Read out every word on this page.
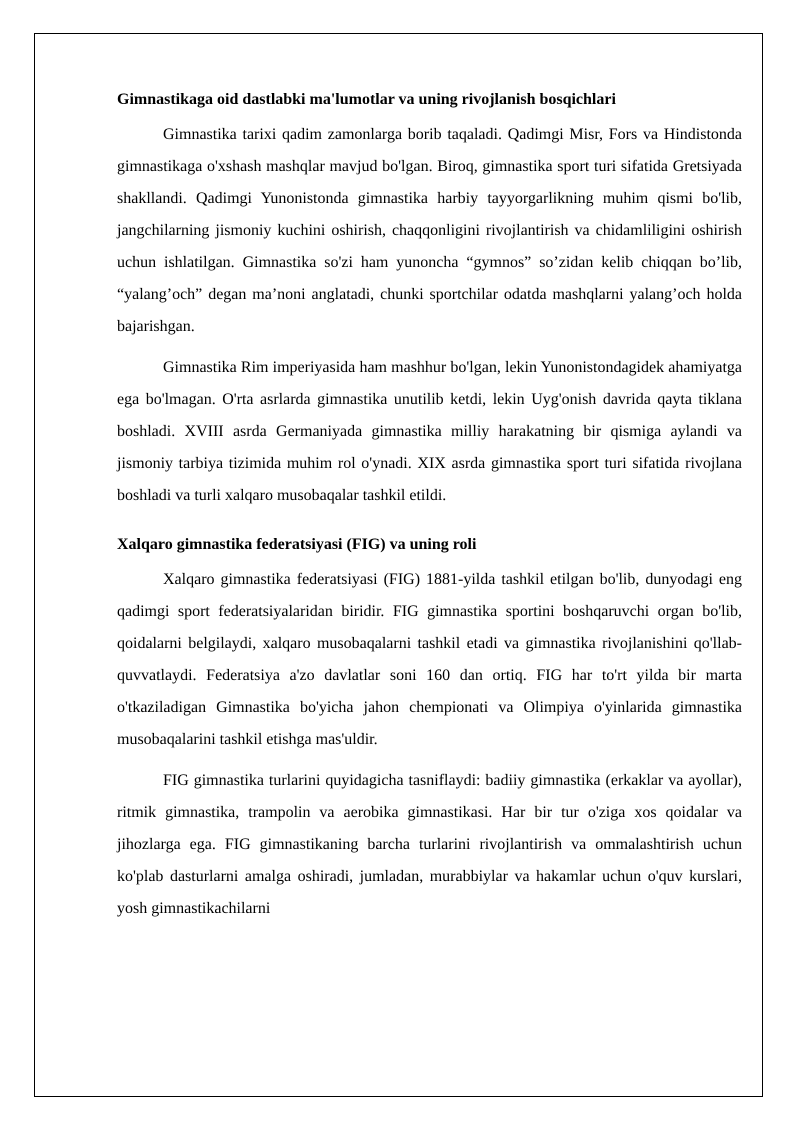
Gimnastikaga oid dastlabki ma'lumotlar va uning rivojlanish bosqichlari

Gimnastika tarixi qadim zamonlarga borib taqaladi. Qadimgi Misr, Fors va Hindistonda gimnastikaga o'xshash mashqlar mavjud bo'lgan. Biroq, gimnastika sport turi sifatida Gretsiyada shakllandi. Qadimgi Yunonistonda gimnastika harbiy tayyorgarlikning muhim qismi bo'lib, jangchilarning jismoniy kuchini oshirish, chaqqonligini rivojlantirish va chidamliligini oshirish uchun ishlatilgan. Gimnastika so'zi ham yunoncha “gymnos” so’zidan kelib chiqqan bo’lib, “yalang’och” degan ma’noni anglatadi, chunki sportchilar odatda mashqlarni yalang’och holda bajarishgan.

Gimnastika Rim imperiyasida ham mashhur bo'lgan, lekin Yunonistondagidek ahamiyatga ega bo'lmagan. O'rta asrlarda gimnastika unutilib ketdi, lekin Uyg'onish davrida qayta tiklana boshladi. XVIII asrda Germaniyada gimnastika milliy harakatning bir qismiga aylandi va jismoniy tarbiya tizimida muhim rol o'ynadi. XIX asrda gimnastika sport turi sifatida rivojlana boshladi va turli xalqaro musobaqalar tashkil etildi.

Xalqaro gimnastika federatsiyasi (FIG) va uning roli

Xalqaro gimnastika federatsiyasi (FIG) 1881-yilda tashkil etilgan bo'lib, dunyodagi eng qadimgi sport federatsiyalaridan biridir. FIG gimnastika sportini boshqaruvchi organ bo'lib, qoidalarni belgilaydi, xalqaro musobaqalarni tashkil etadi va gimnastika rivojlanishini qo'llab-quvvatlaydi. Federatsiya a'zo davlatlar soni 160 dan ortiq. FIG har to'rt yilda bir marta o'tkaziladigan Gimnastika bo'yicha jahon chempionati va Olimpiya o'yinlarida gimnastika musobaqalarini tashkil etishga mas'uldir.

FIG gimnastika turlarini quyidagicha tasniflaydi: badiiy gimnastika (erkaklar va ayollar), ritmik gimnastika, trampolin va aerobika gimnastikasi. Har bir tur o'ziga xos qoidalar va jihozlarga ega. FIG gimnastikaning barcha turlarini rivojlantirish va ommalashtirish uchun ko'plab dasturlarni amalga oshiradi, jumladan, murabbiylar va hakamlar uchun o'quv kurslari, yosh gimnastikachilarni
